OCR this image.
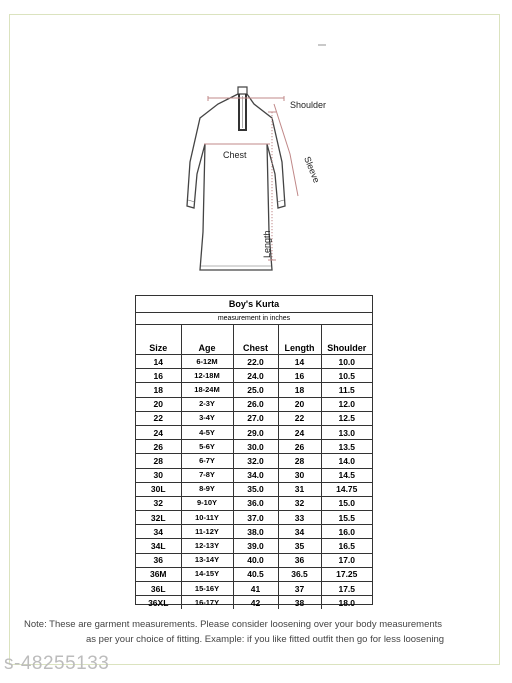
Shoulder
Chest
Sleeve
Length
Boy's Kurta
measurement in inches
Size	Age	Chest	Length	Shoulder
14	6-12M	22.0	14	10.0
16	12-18M	24.0	16	10.5
18	18-24M	25.0	18	11.5
20	2-3Y	26.0	20	12.0
22	3-4Y	27.0	22	12.5
24	4-5Y	29.0	24	13.0
26	5-6Y	30.0	26	13.5
28	6-7Y	32.0	28	14.0
30	7-8Y	34.0	30	14.5
30L	8-9Y	35.0	31	14.75
32	9-10Y	36.0	32	15.0
32L	10-11Y	37.0	33	15.5
34	11-12Y	38.0	34	16.0
34L	12-13Y	39.0	35	16.5
36	13-14Y	40.0	36	17.0
36M	14-15Y	40.5	36.5	17.25
36L	15-16Y	41	37	17.5
36XL	16-17Y	42	38	18.0
Note: These are garment measurements. Please consider loosening over your body measurements
as per your choice of fitting. Example: if you like fitted outfit then go for less loosening
s-48255133
